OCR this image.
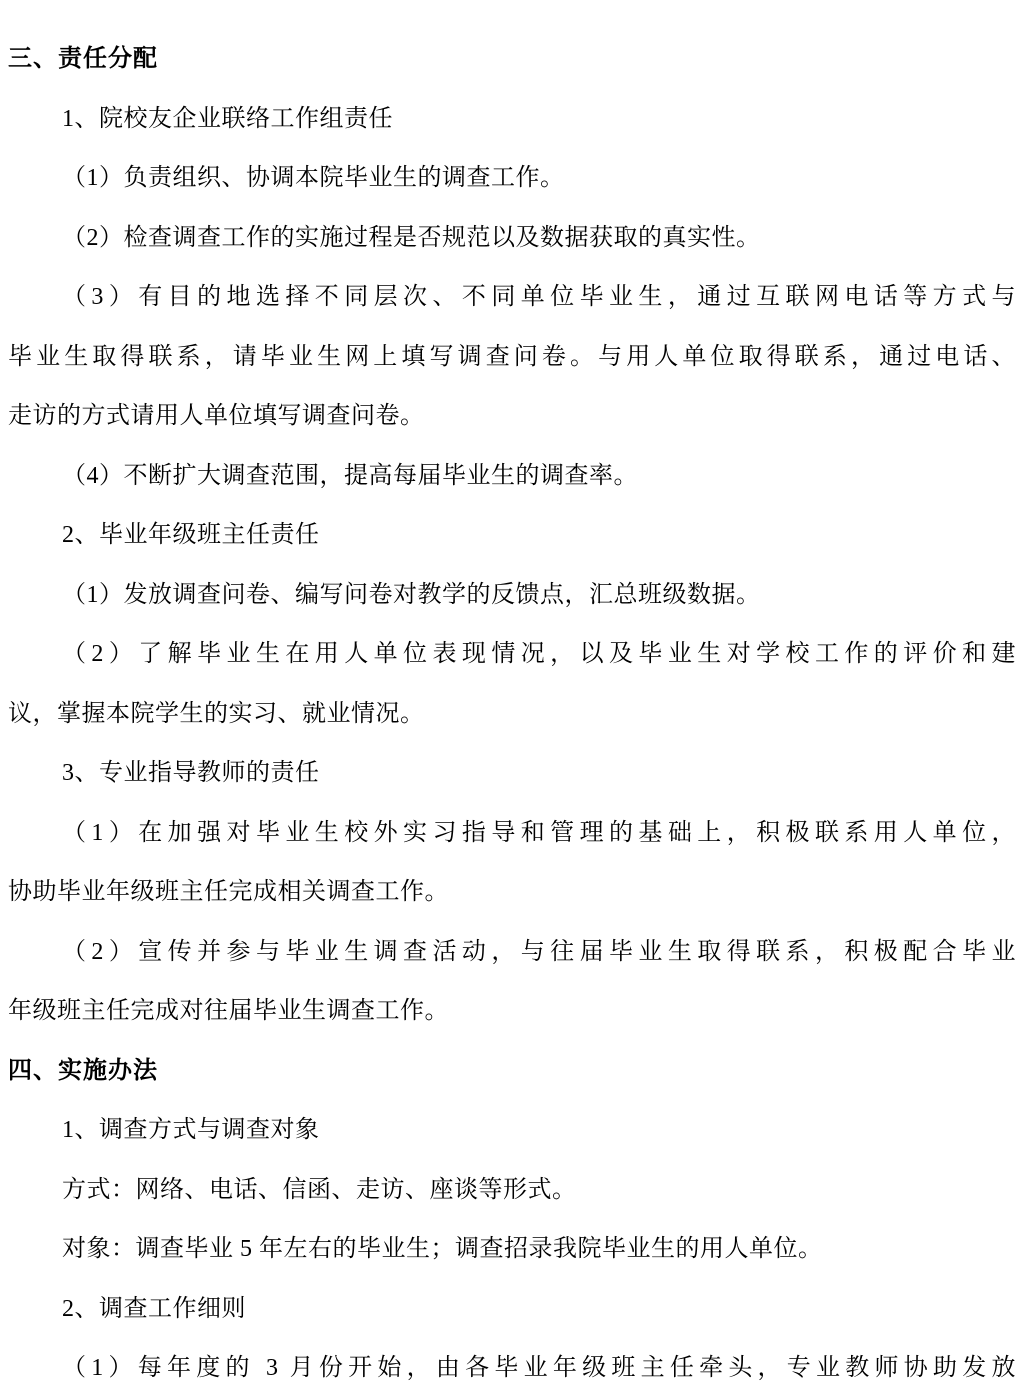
三、责任分配
1、院校友企业联络工作组责任
（1）负责组织、协调本院毕业生的调查工作。
（2）检查调查工作的实施过程是否规范以及数据获取的真实性。
（3）有目的地选择不同层次、不同单位毕业生，通过互联网电话等方式与
毕业生取得联系，请毕业生网上填写调查问卷。与用人单位取得联系，通过电话、
走访的方式请用人单位填写调查问卷。
（4）不断扩大调查范围，提高每届毕业生的调查率。
2、毕业年级班主任责任
（1）发放调查问卷、编写问卷对教学的反馈点，汇总班级数据。
（2）了解毕业生在用人单位表现情况，以及毕业生对学校工作的评价和建
议，掌握本院学生的实习、就业情况。
3、专业指导教师的责任
（1）在加强对毕业生校外实习指导和管理的基础上，积极联系用人单位，
协助毕业年级班主任完成相关调查工作。
（2）宣传并参与毕业生调查活动，与往届毕业生取得联系，积极配合毕业
年级班主任完成对往届毕业生调查工作。
四、实施办法
1、调查方式与调查对象
方式：网络、电话、信函、走访、座谈等形式。
对象：调查毕业 5 年左右的毕业生；调查招录我院毕业生的用人单位。
2、调查工作细则
（1）每年度的 3 月份开始，由各毕业年级班主任牵头，专业教师协助发放
